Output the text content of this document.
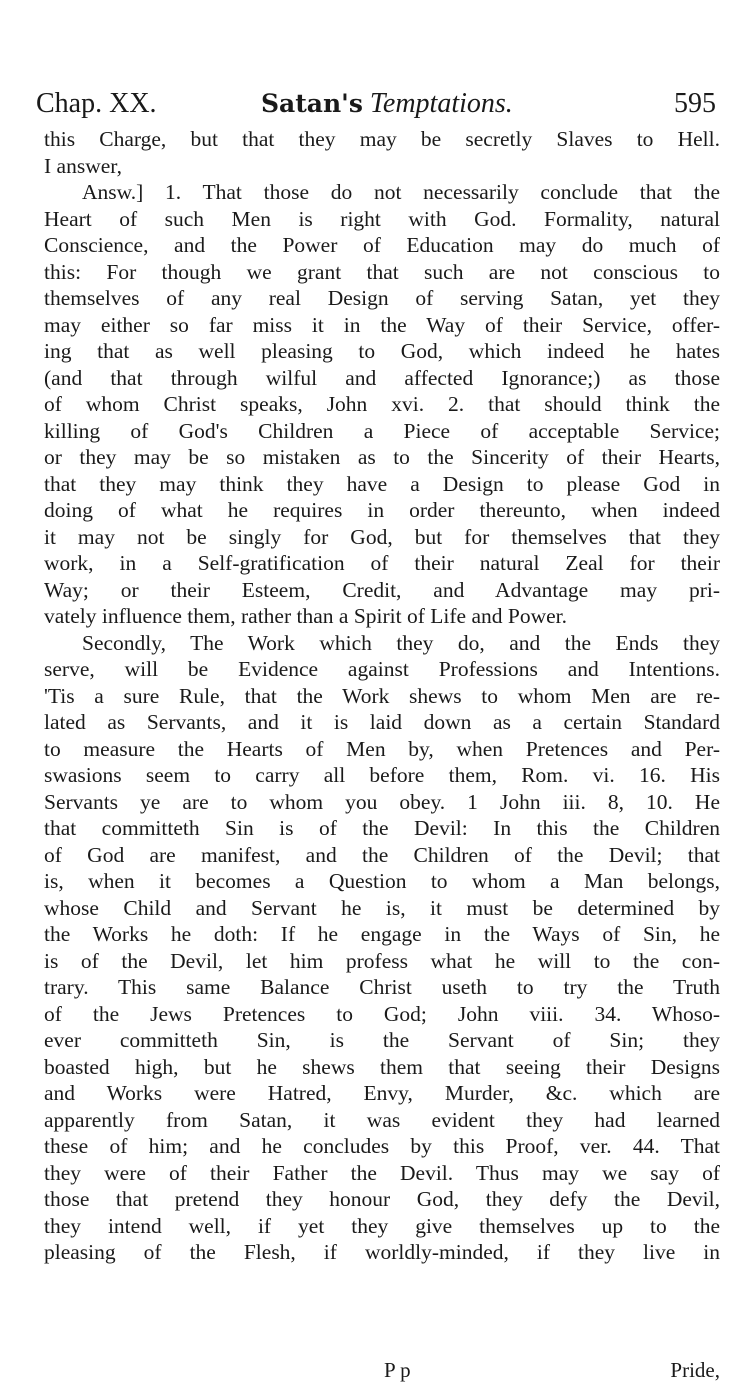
Chap. XX.	Satan's Temptations.	595
this Charge, but that they may be secretly Slaves to Hell.
I answer,
Answ.] 1. That those do not necessarily conclude that the
Heart of such Men is right with God. Formality, natural
Conscience, and the Power of Education may do much of
this: For though we grant that such are not conscious to
themselves of any real Design of serving Satan, yet they
may either so far miss it in the Way of their Service, offer-
ing that as well pleasing to God, which indeed he hates
(and that through wilful and affected Ignorance;) as those
of whom Christ speaks, John xvi. 2. that should think the
killing of God's Children a Piece of acceptable Service;
or they may be so mistaken as to the Sincerity of their Hearts,
that they may think they have a Design to please God in
doing of what he requires in order thereunto, when indeed
it may not be singly for God, but for themselves that they
work, in a Self-gratification of their natural Zeal for their
Way; or their Esteem, Credit, and Advantage may pri-
vately influence them, rather than a Spirit of Life and Power.
Secondly, The Work which they do, and the Ends they
serve, will be Evidence against Professions and Intentions.
'Tis a sure Rule, that the Work shews to whom Men are re-
lated as Servants, and it is laid down as a certain Standard
to measure the Hearts of Men by, when Pretences and Per-
swasions seem to carry all before them, Rom. vi. 16. His
Servants ye are to whom you obey. 1 John iii. 8, 10. He
that committeth Sin is of the Devil: In this the Children
of God are manifest, and the Children of the Devil; that
is, when it becomes a Question to whom a Man belongs,
whose Child and Servant he is, it must be determined by
the Works he doth: If he engage in the Ways of Sin, he
is of the Devil, let him profess what he will to the con-
trary. This same Balance Christ useth to try the Truth
of the Jews Pretences to God; John viii. 34. Whoso-
ever committeth Sin, is the Servant of Sin; they
boasted high, but he shews them that seeing their Designs
and Works were Hatred, Envy, Murder, &c. which are
apparently from Satan, it was evident they had learned
these of him; and he concludes by this Proof, ver. 44. That
they were of their Father the Devil. Thus may we say of
those that pretend they honour God, they defy the Devil,
they intend well, if yet they give themselves up to the
pleasing of the Flesh, if worldly-minded, if they live in
P p	Pride,
